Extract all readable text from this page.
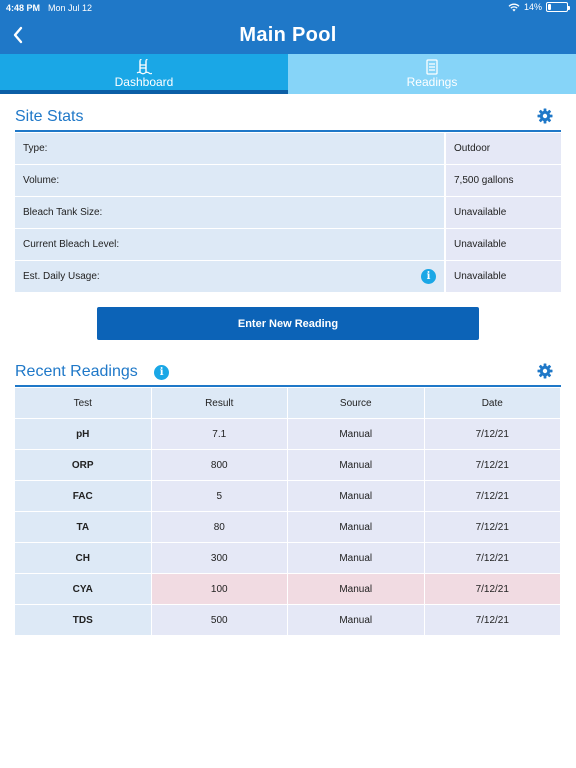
4:48 PM Mon Jul 12	14%
Main Pool
Dashboard	Readings
Site Stats
Type:	Outdoor
Volume:	7,500 gallons
Bleach Tank Size:	Unavailable
Current Bleach Level:	Unavailable
Est. Daily Usage:	i	Unavailable
Enter New Reading
Recent Readings i
Test	Result	Source	Date
pH	7.1	Manual	7/12/21
ORP	800	Manual	7/12/21
FAC	5	Manual	7/12/21
TA	80	Manual	7/12/21
CH	300	Manual	7/12/21
CYA	100	Manual	7/12/21
TDS	500	Manual	7/12/21
